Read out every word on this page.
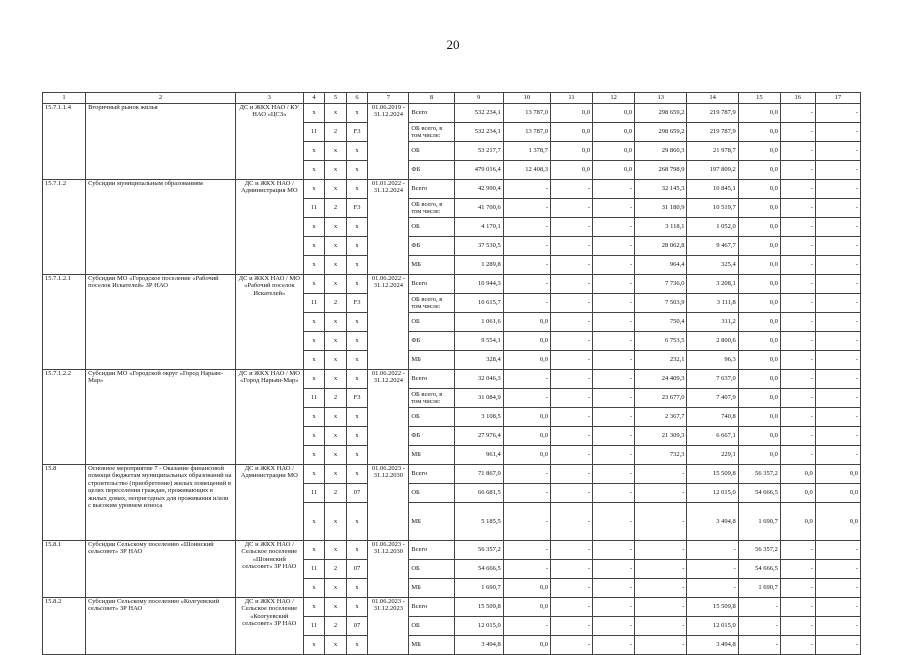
20
1	2	3	4	5	6	7	8	9	10	11	12	13	14	15	16	17
15.7.1.1.4	Вторичный рынок жилья	ДС и ЖКХ НАО / КУ НАО «ЦСЗ»	х	х	х	01.06.2019 - 31.12.2024	Всего	532 234,1	13 787,0	0,0	0,0	298 659,2	219 787,9	0,0	-	-
			11	2	F3		ОБ всего, в том числе:	532 234,1	13 787,0	0,0	0,0	298 659,2	219 787,9	0,0	-	-
			х	х	х		ОБ	53 217,7	1 378,7	0,0	0,0	29 860,3	21 978,7	0,0	-	-
			х	х	х		ФБ	479 016,4	12 408,3	0,0	0,0	268 798,9	197 809,2	0,0	-	-
15.7.1.2	Субсидии муниципальным образованиям	ДС и ЖКХ НАО / Администрация МО	х	х	х	01.01.2022 - 31.12.2024	Всего	42 990,4	-	-	-	32 145,3	10 845,1	0,0	-	-
			11	2	F3		ОБ всего, в том числе:	41 700,6	-	-	-	31 180,9	10 519,7	0,0	-	-
			х	х	х		ОБ	4 170,1	-	-	-	3 118,1	1 052,0	0,0	-	-
			х	х	х		ФБ	37 530,5	-	-	-	28 062,8	9 467,7	0,0	-	-
			х	х	х		МБ	1 289,8	-	-	-	964,4	325,4	0,0	-	-
15.7.1.2.1	Субсидии МО «Городское поселение «Рабочий поселок Искателей» ЗР НАО	ДС и ЖКХ НАО / МО «Рабочий поселок Искателей»	х	х	х	01.06.2022 - 31.12.2024	Всего	10 944,3	-	-	-	7 736,0	3 208,1	0,0	-	-
			11	2	F3		ОБ всего, в том числе:	10 615,7	-	-	-	7 503,9	3 111,8	0,0	-	-
			х	х	х		ОБ	1 061,6	0,0	-	-	750,4	311,2	0,0	-	-
			х	х	х		ФБ	9 554,1	0,0	-	-	6 753,5	2 800,6	0,0	-	-
			х	х	х		МБ	328,4	0,0	-	-	232,1	96,3	0,0	-	-
15.7.1.2.2	Субсидии МО «Городской округ «Город Нарьян-Мар»	ДС и ЖКХ НАО / МО «Город Нарьян-Мар»	х	х	х	01.06.2022 - 31.12.2024	Всего	32 046,3	-	-	-	24 409,3	7 637,0	0,0	-	-
			11	2	F3		ОБ всего, в том числе:	31 084,9	-	-	-	23 677,0	7 407,9	0,0	-	-
			х	х	х		ОБ	3 108,5	0,0	-	-	2 367,7	740,8	0,0	-	-
			х	х	х		ФБ	27 976,4	0,0	-	-	21 309,3	6 667,1	0,0	-	-
			х	х	х		МБ	961,4	0,0	-	-	732,3	229,1	0,0	-	-
15.8	Основное мероприятие 7 - Оказание финансовой помощи бюджетам муниципальных образований на строительство (приобретение) жилых помещений в целях переселения граждан, проживающих в жилых домах, непригодных для проживания и/или с высоким уровнем износа	ДС и ЖКХ НАО / Администрации МО	х	х	х	01.06.2023 - 31.12.2030	Всего	71 867,0	-	-	-	-	15 509,8	56 357,2	0,0	0,0
			11	2	07		ОБ	66 681,5	-	-	-	-	12 015,0	54 666,5	0,0	0,0
			х	х	х		МБ	5 185,5	-	-	-	-	3 494,8	1 690,7	0,0	0,0
15.8.1	Субсидии Сельскому поселению «Шоинский сельсовет» ЗР НАО	ДС и ЖКХ НАО / Сельское поселение «Шоинский сельсовет» ЗР НАО	х	х	х	01.06.2023 - 31.12.2030	Всего	56 357,2	-	-	-	-	-	56 357,2	-	-
			11	2	07		ОБ	54 666,5	-	-	-	-	-	54 666,5	-	-
			х	х	х		МБ	1 690,7	0,0	-	-	-	-	1 690,7	-	-
15.8.2	Субсидии Сельскому поселению «Колгуевский сельсовет» ЗР НАО	ДС и ЖКХ НАО / Сельское поселение «Колгуевский сельсовет» ЗР НАО	х	х	х	01.06.2023 - 31.12.2023	Всего	15 509,8	0,0	-	-	-	15 509,8	-	-	-
			11	2	07		ОБ	12 015,0	-	-	-	-	12 015,0	-	-	-
			х	х	х		МБ	3 494,8	0,0	-	-	-	3 494,8	-	-	-
